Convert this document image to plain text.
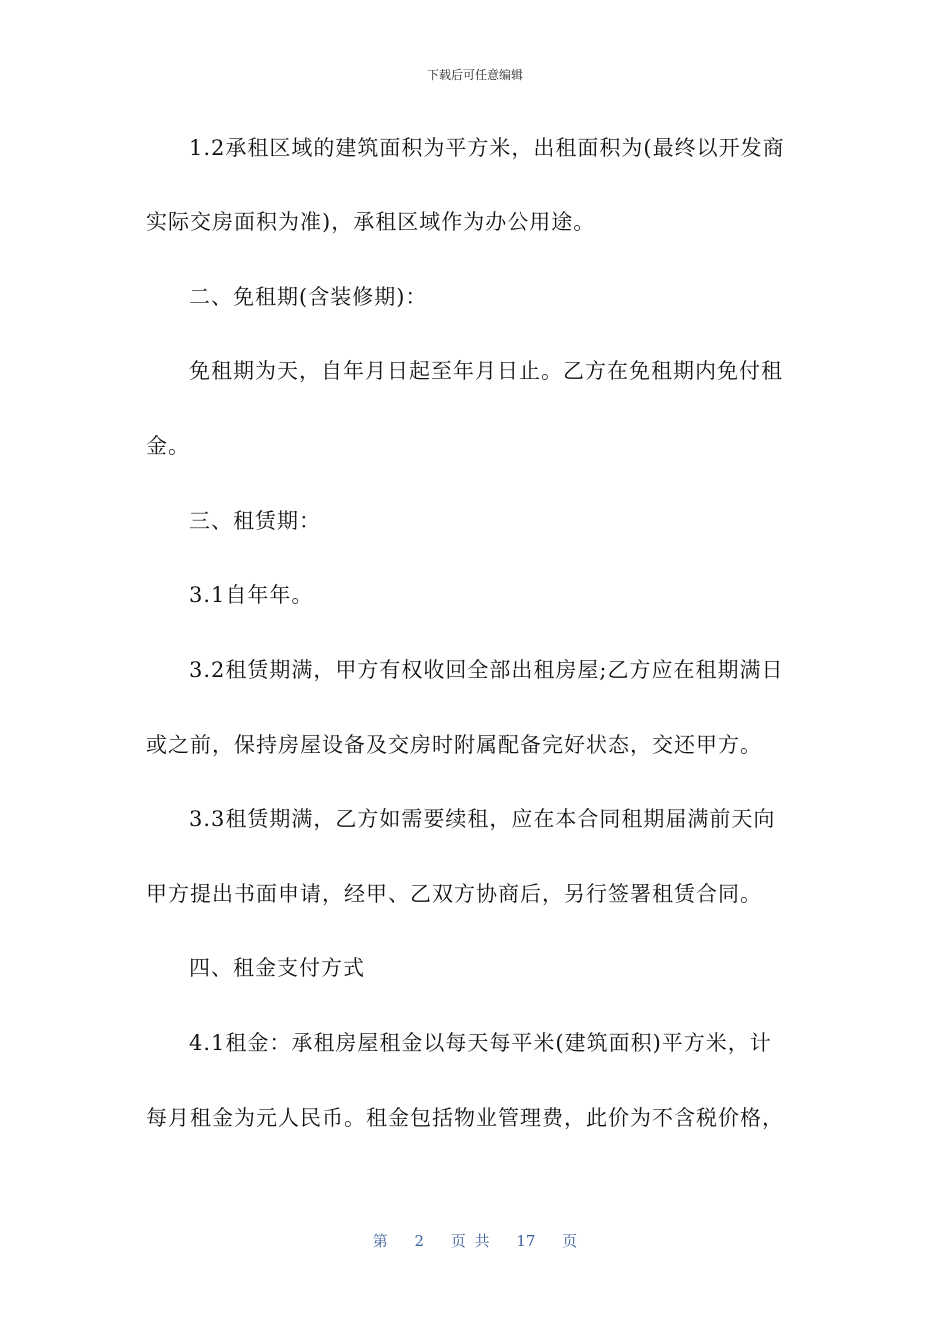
下载后可任意编辑
1.2承租区域的建筑面积为平方米，出租面积为(最终以开发商
实际交房面积为准)，承租区域作为办公用途。
二、免租期(含装修期)：
免租期为天，自年月日起至年月日止。乙方在免租期内免付租
金。
三、租赁期：
3.1自年年。
3.2租赁期满，甲方有权收回全部出租房屋;乙方应在租期满日
或之前，保持房屋设备及交房时附属配备完好状态，交还甲方。
3.3租赁期满，乙方如需要续租，应在本合同租期届满前天向
甲方提出书面申请，经甲、乙双方协商后，另行签署租赁合同。
四、租金支付方式
4.1租金：承租房屋租金以每天每平米(建筑面积)平方米，计
每月租金为元人民币。租金包括物业管理费，此价为不含税价格，
第 2 页 共 17 页
